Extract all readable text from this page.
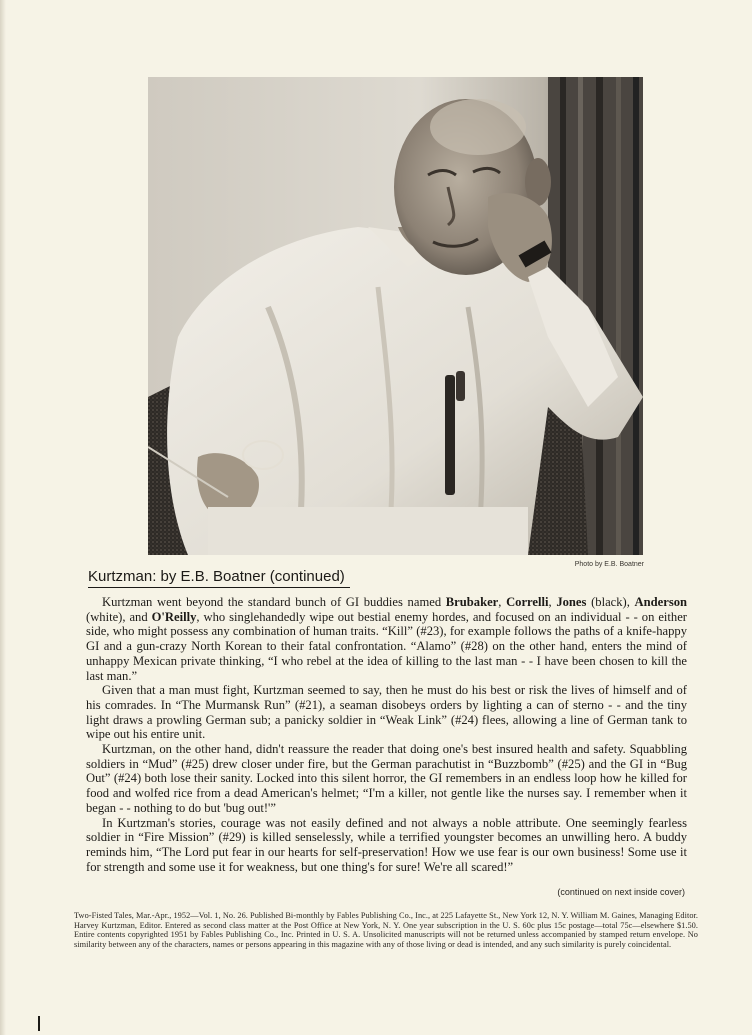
Photo by E.B. Boatner
Kurtzman: by E.B. Boatner (continued)

Kurtzman went beyond the standard bunch of GI buddies named Brubaker, Correlli, Jones (black), Anderson (white), and O'Reilly, who singlehandedly wipe out bestial enemy hordes, and focused on an individual - - on either side, who might possess any combination of human traits. “Kill” (#23), for example follows the paths of a knife-happy GI and a gun-crazy North Korean to their fatal confrontation. “Alamo” (#28) on the other hand, enters the mind of unhappy Mexican private thinking, “I who rebel at the idea of killing to the last man - - I have been chosen to kill the last man.”

Given that a man must fight, Kurtzman seemed to say, then he must do his best or risk the lives of himself and of his comrades. In “The Murmansk Run” (#21), a seaman disobeys orders by lighting a can of sterno - - and the tiny light draws a prowling German sub; a panicky soldier in “Weak Link” (#24) flees, allowing a line of German tank to wipe out his entire unit.

Kurtzman, on the other hand, didn't reassure the reader that doing one's best insured health and safety. Squabbling soldiers in “Mud” (#25) drew closer under fire, but the German parachutist in “Buzzbomb” (#25) and the GI in “Bug Out” (#24) both lose their sanity. Locked into this silent horror, the GI remembers in an endless loop how he killed for food and wolfed rice from a dead American's helmet; “I'm a killer, not gentle like the nurses say. I remember when it began - - nothing to do but 'bug out!'”

In Kurtzman's stories, courage was not easily defined and not always a noble attribute. One seemingly fearless soldier in “Fire Mission” (#29) is killed senselessly, while a terrified youngster becomes an unwilling hero. A buddy reminds him, “The Lord put fear in our hearts for self-preservation! How we use fear is our own business! Some use it for strength and some use it for weakness, but one thing's for sure! We're all scared!”

(continued on next inside cover)
Two-Fisted Tales, Mar.-Apr., 1952—Vol. 1, No. 26. Published Bi-monthly by Fables Publishing Co., Inc., at 225 Lafayette St., New York 12, N. Y. William M. Gaines, Managing Editor. Harvey Kurtzman, Editor. Entered as second class matter at the Post Office at New York, N. Y. One year subscription in the U. S. 60c plus 15c postage—total 75c—elsewhere $1.50. Entire contents copyrighted 1951 by Fables Publishing Co., Inc. Printed in U. S. A. Unsolicited manuscripts will not be returned unless accompanied by stamped return envelope. No similarity between any of the characters, names or persons appearing in this magazine with any of those living or dead is intended, and any such similarity is purely coincidental.
